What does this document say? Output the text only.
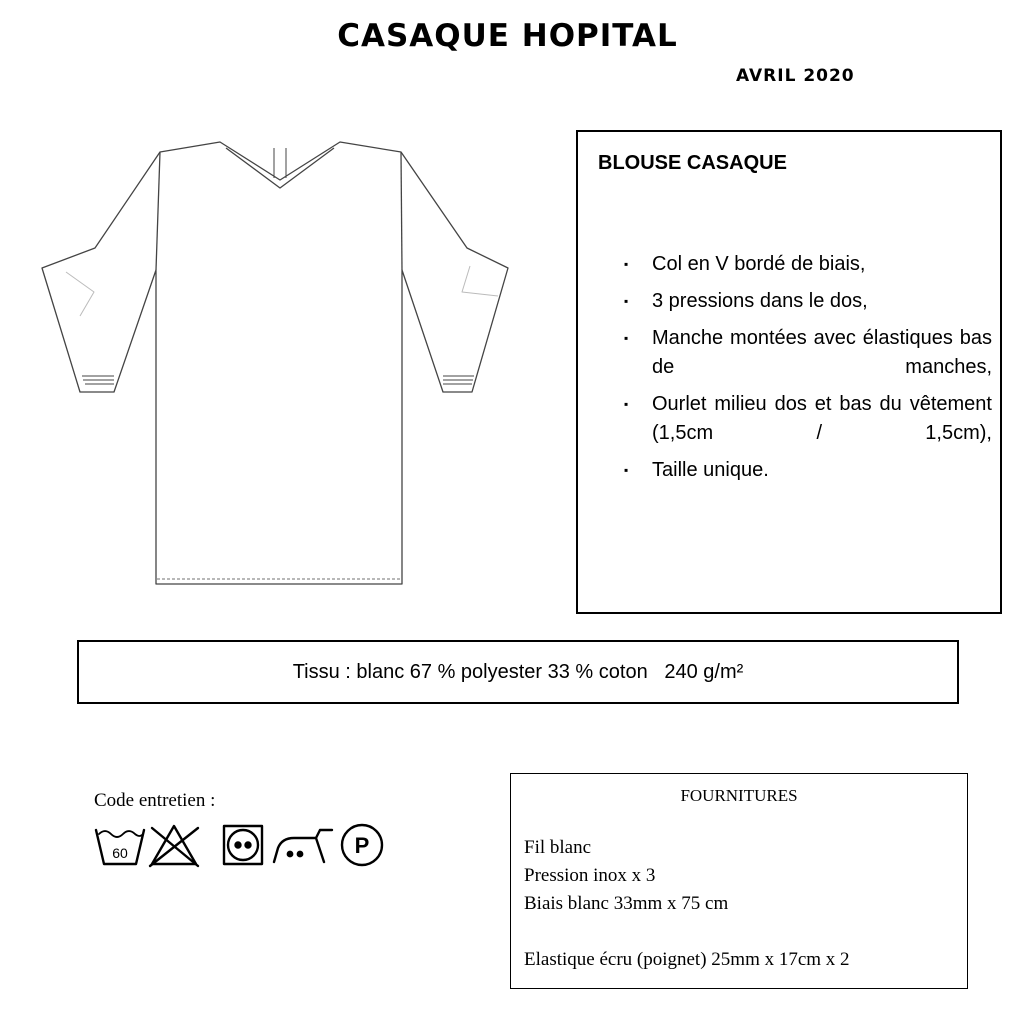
CASAQUE HOPITAL
AVRIL 2020
BLOUSE CASAQUE
▪ Col en V bordé de biais,
▪ 3 pressions dans le dos,
▪ Manche montées avec élastiques bas de manches,
▪ Ourlet milieu dos et bas du vêtement (1,5cm / 1,5cm),
▪ Taille unique.
Tissu : blanc 67 % polyester 33 % coton   240 g/m²
Code entretien :
60	P
FOURNITURES
Fil blanc
Pression inox x 3
Biais blanc 33mm x 75 cm
Elastique écru (poignet) 25mm x 17cm x 2
